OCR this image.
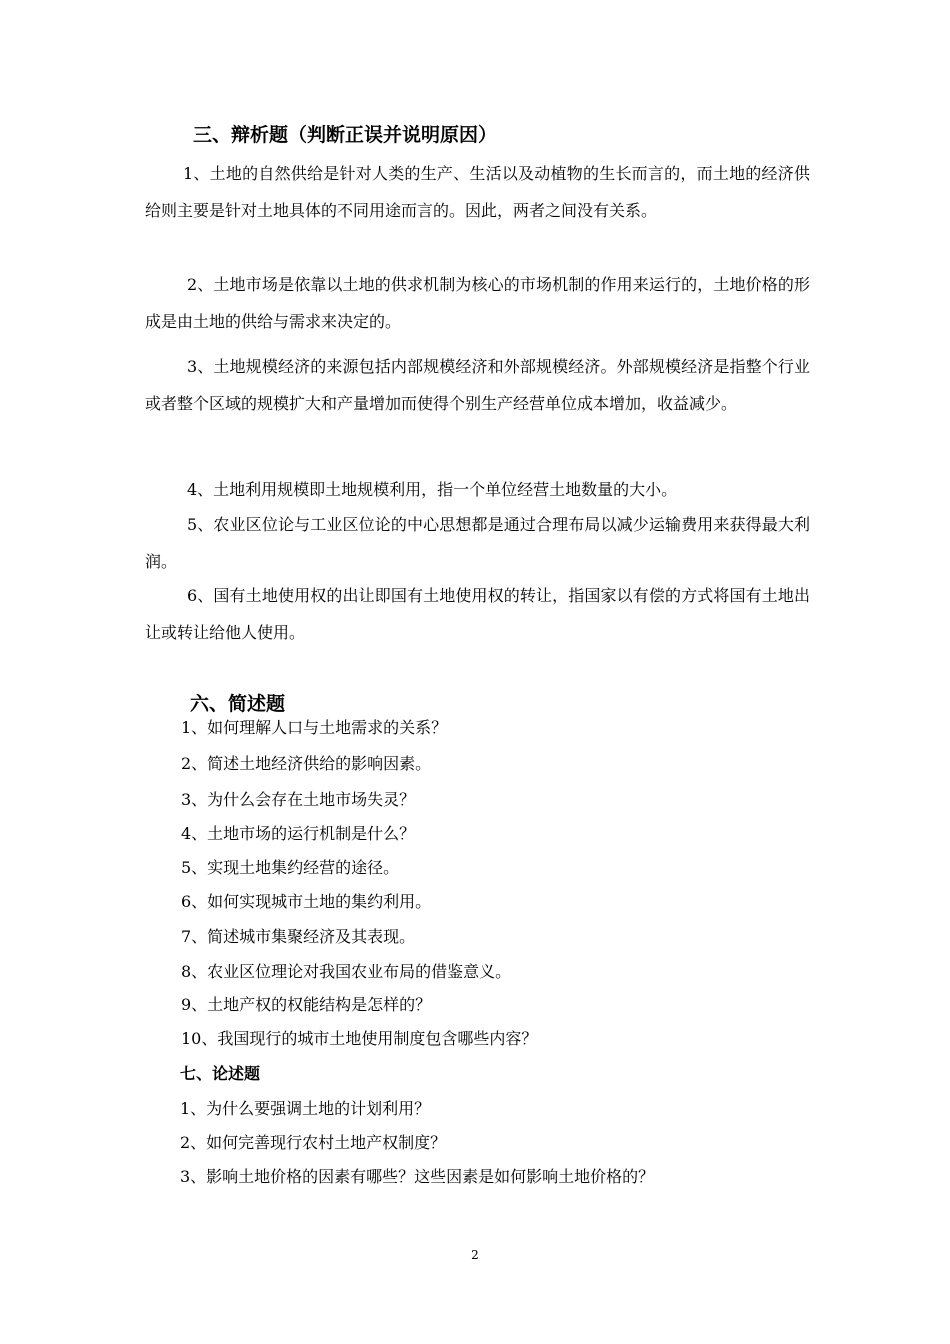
三、辩析题（判断正误并说明原因）
1、土地的自然供给是针对人类的生产、生活以及动植物的生长而言的，而土地的经济供给则主要是针对土地具体的不同用途而言的。因此，两者之间没有关系。
2、土地市场是依靠以土地的供求机制为核心的市场机制的作用来运行的，土地价格的形成是由土地的供给与需求来决定的。
3、土地规模经济的来源包括内部规模经济和外部规模经济。外部规模经济是指整个行业或者整个区域的规模扩大和产量增加而使得个别生产经营单位成本增加，收益减少。
4、土地利用规模即土地规模利用，指一个单位经营土地数量的大小。
5、农业区位论与工业区位论的中心思想都是通过合理布局以减少运输费用来获得最大利润。
6、国有土地使用权的出让即国有土地使用权的转让，指国家以有偿的方式将国有土地出让或转让给他人使用。
六、简述题
1、如何理解人口与土地需求的关系？
2、简述土地经济供给的影响因素。
3、为什么会存在土地市场失灵？
4、土地市场的运行机制是什么？
5、实现土地集约经营的途径。
6、如何实现城市土地的集约利用。
7、简述城市集聚经济及其表现。
8、农业区位理论对我国农业布局的借鉴意义。
9、土地产权的权能结构是怎样的？
10、我国现行的城市土地使用制度包含哪些内容？
七、论述题
1、为什么要强调土地的计划利用？
2、如何完善现行农村土地产权制度？
3、影响土地价格的因素有哪些？这些因素是如何影响土地价格的？
2
